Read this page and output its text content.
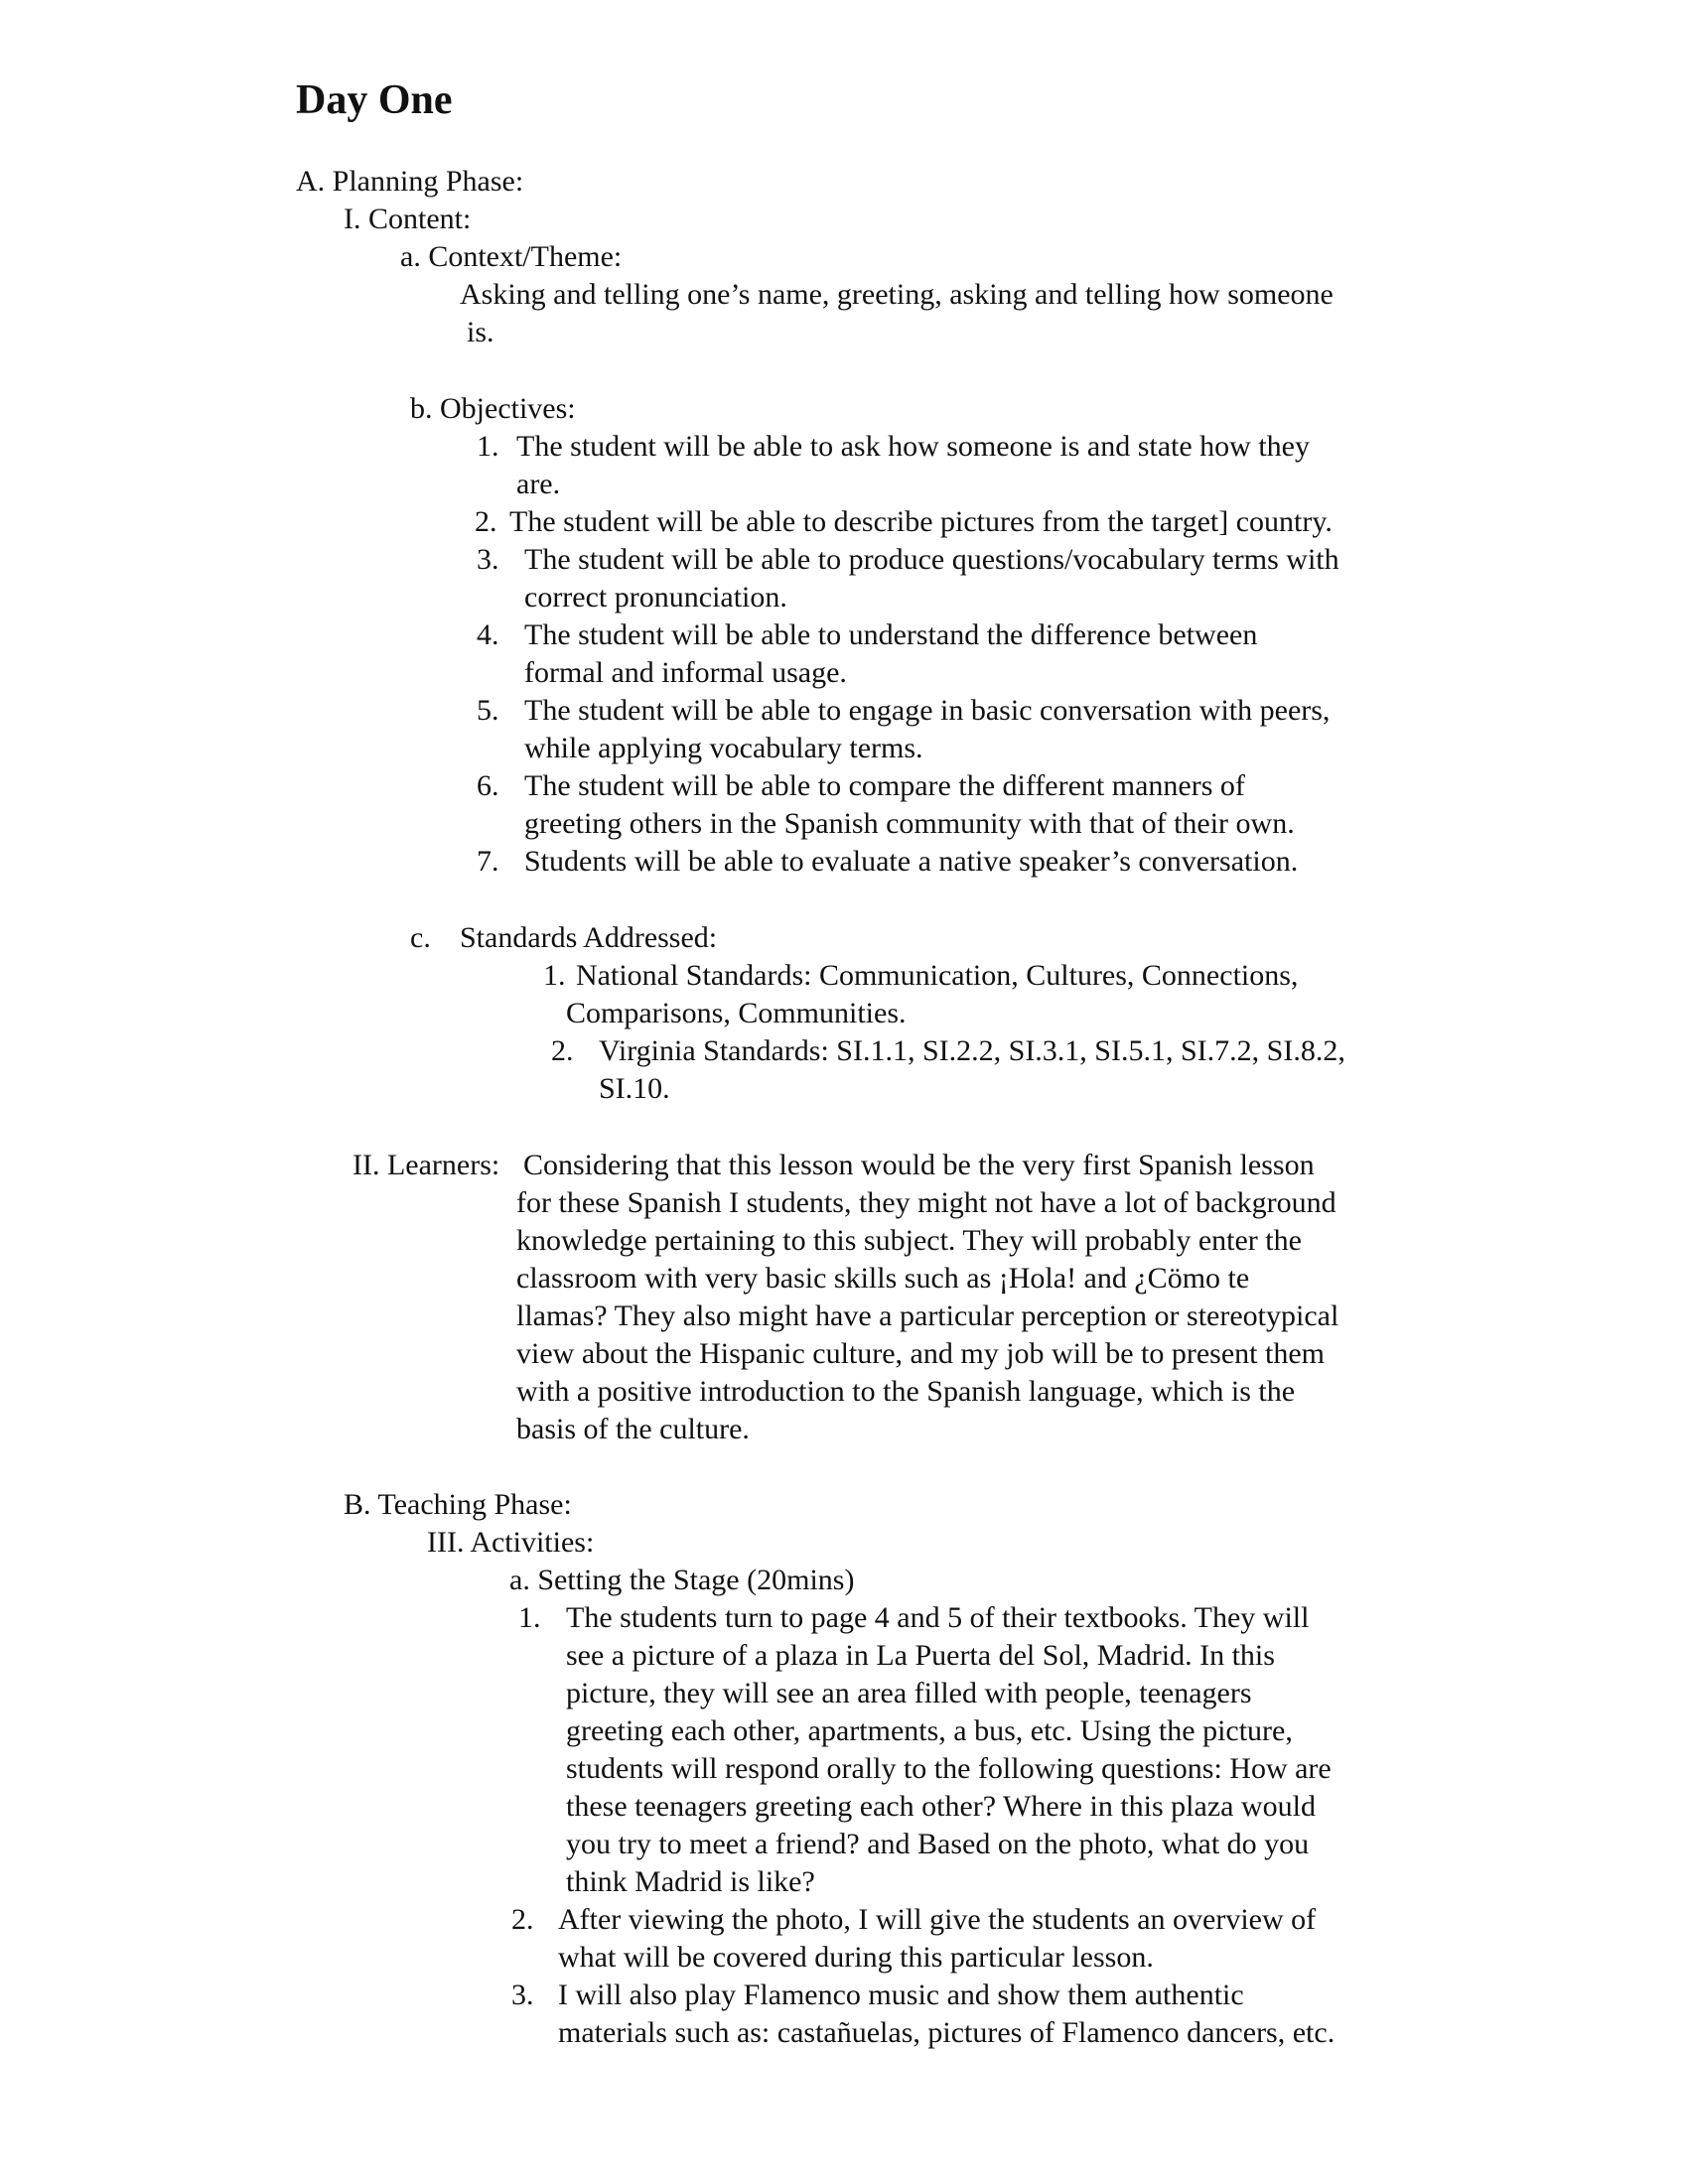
Day One
A. Planning Phase:
I. Content:
a. Context/Theme:
Asking and telling one’s name, greeting, asking and telling how someone
is.
b. Objectives:
1. The student will be able to ask how someone is and state how they
are.
2. The student will be able to describe pictures from the target] country.
3. The student will be able to produce questions/vocabulary terms with
correct pronunciation.
4. The student will be able to understand the difference between
formal and informal usage.
5. The student will be able to engage in basic conversation with peers,
while applying vocabulary terms.
6. The student will be able to compare the different manners of
greeting others in the Spanish community with that of their own.
7. Students will be able to evaluate a native speaker’s conversation.
c. Standards Addressed:
1. National Standards: Communication, Cultures, Connections,
Comparisons, Communities.
2. Virginia Standards: SI.1.1, SI.2.2, SI.3.1, SI.5.1, SI.7.2, SI.8.2,
SI.10.
II. Learners: Considering that this lesson would be the very first Spanish lesson
for these Spanish I students, they might not have a lot of background
knowledge pertaining to this subject. They will probably enter the
classroom with very basic skills such as ¡Hola! and ¿Cömo te
llamas? They also might have a particular perception or stereotypical
view about the Hispanic culture, and my job will be to present them
with a positive introduction to the Spanish language, which is the
basis of the culture.
B. Teaching Phase:
III. Activities:
a. Setting the Stage (20mins)
1. The students turn to page 4 and 5 of their textbooks. They will
see a picture of a plaza in La Puerta del Sol, Madrid. In this
picture, they will see an area filled with people, teenagers
greeting each other, apartments, a bus, etc. Using the picture,
students will respond orally to the following questions: How are
these teenagers greeting each other? Where in this plaza would
you try to meet a friend? and Based on the photo, what do you
think Madrid is like?
2. After viewing the photo, I will give the students an overview of
what will be covered during this particular lesson.
3. I will also play Flamenco music and show them authentic
materials such as: castañuelas, pictures of Flamenco dancers, etc.
